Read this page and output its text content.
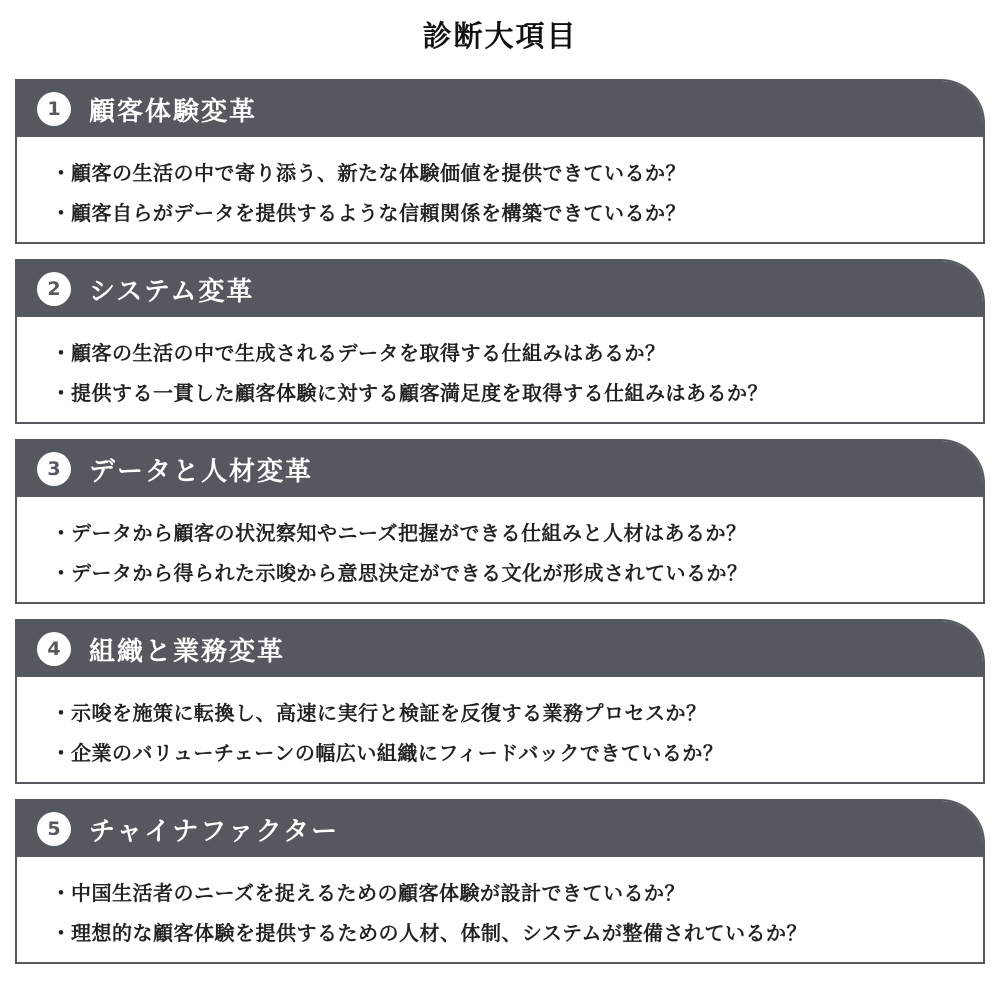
診断大項目
1	顧客体験変革
・ 顧客の生活の中で寄り添う、新たな体験価値を提供できているか？
・ 顧客自らがデータを提供するような信頼関係を構築できているか？
2	システム変革
・ 顧客の生活の中で生成されるデータを取得する仕組みはあるか？
・ 提供する一貫した顧客体験に対する顧客満足度を取得する仕組みはあるか？
3	データと人材変革
・ データから顧客の状況察知やニーズ把握ができる仕組みと人材はあるか？
・ データから得られた示唆から意思決定ができる文化が形成されているか？
4	組織と業務変革
・ 示唆を施策に転換し、高速に実行と検証を反復する業務プロセスか？
・ 企業のバリューチェーンの幅広い組織にフィードバックできているか？
5	チャイナファクター
・ 中国生活者のニーズを捉えるための顧客体験が設計できているか？
・ 理想的な顧客体験を提供するための人材、体制、システムが整備されているか？
